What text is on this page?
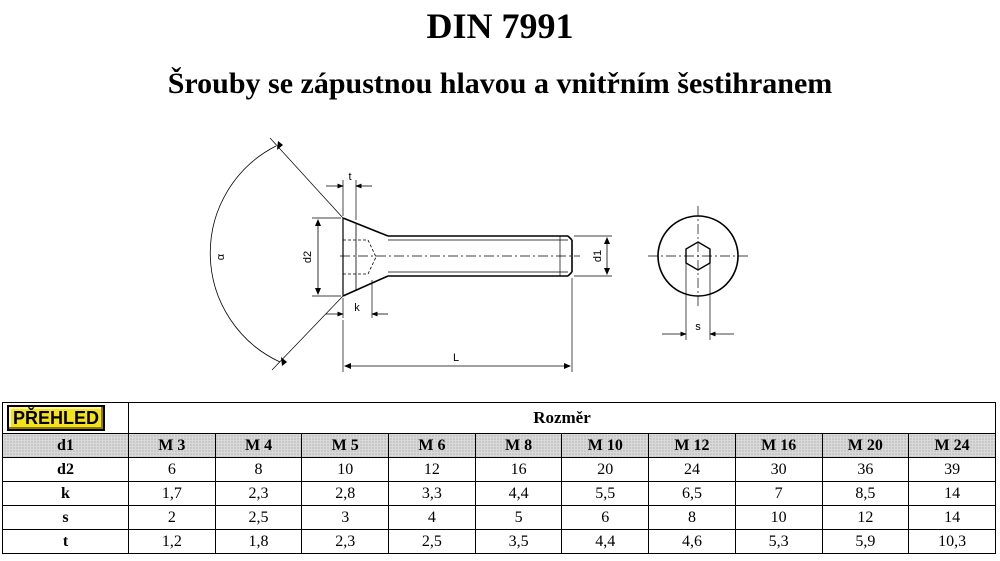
DIN 7991
Šrouby se zápustnou hlavou a vnitřním šestihranem
α
t
d2	d1
k
L
s
PŘEHLED	Rozměr									
d1	M 3	M 4	M 5	M 6	M 8	M 10	M 12	M 16	M 20	M 24
d2	6	8	10	12	16	20	24	30	36	39
k	1,7	2,3	2,8	3,3	4,4	5,5	6,5	7	8,5	14
s	2	2,5	3	4	5	6	8	10	12	14
t	1,2	1,8	2,3	2,5	3,5	4,4	4,6	5,3	5,9	10,3
